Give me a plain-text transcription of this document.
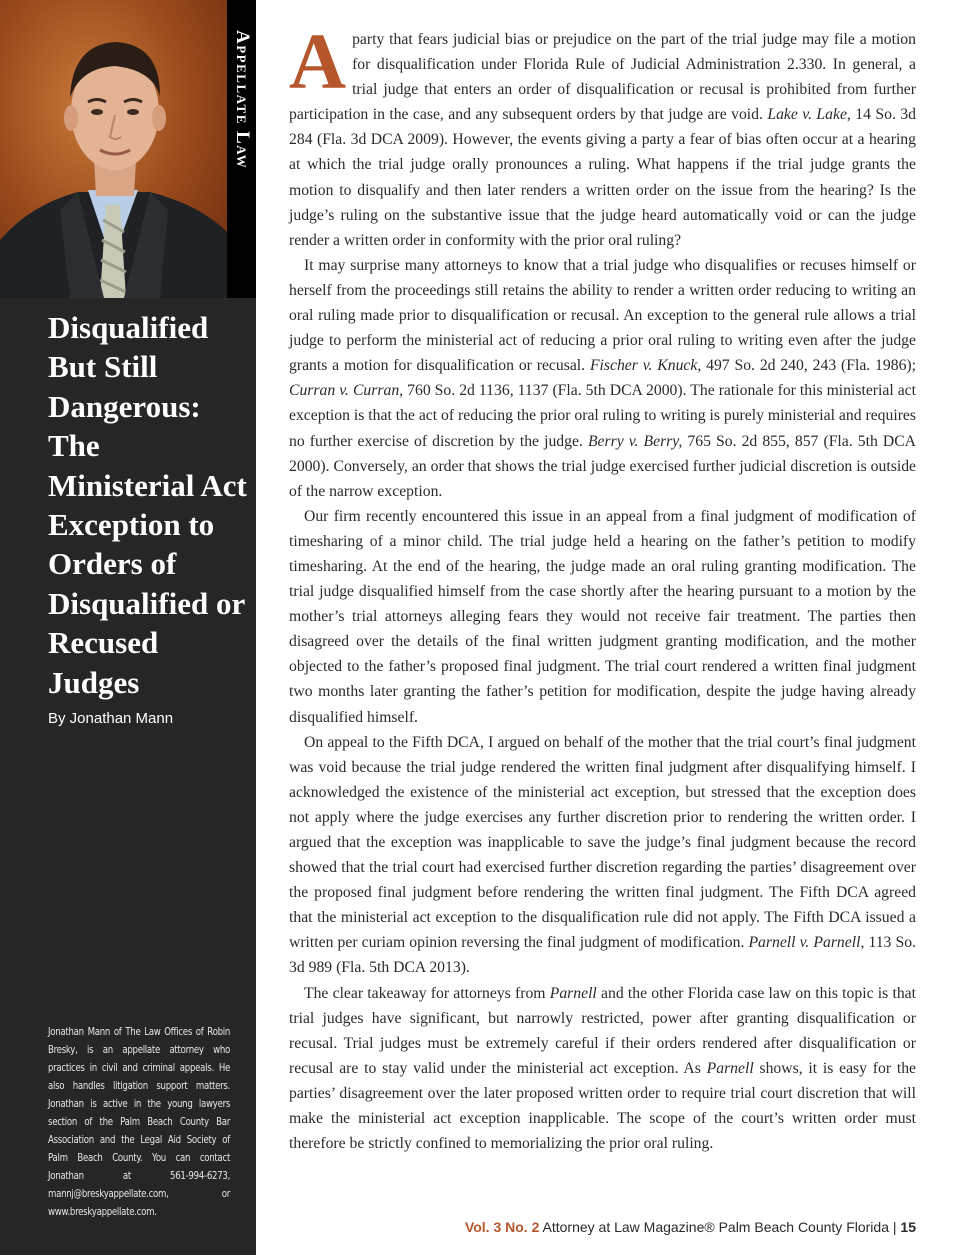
Appellate Law
Disqualified But Still Dangerous: The Ministerial Act Exception to Orders of Disqualified or Recused Judges
By Jonathan Mann
Jonathan Mann of The Law Offices of Robin Bresky, is an appellate attorney who practices in civil and criminal appeals. He also handles litigation support matters. Jonathan is active in the young lawyers section of the Palm Beach County Bar Association and the Legal Aid Society of Palm Beach County. You can contact Jonathan at 561-994-6273, mannj@breskyappellate.com, or www.breskyappellate.com.

Aparty that fears judicial bias or prejudice on the part of the trial judge may file a motion for disqualification under Florida Rule of Judicial Administration 2.330. In general, a trial judge that enters an order of disqualification or recusal is prohibited from further participation in the case, and any subsequent orders by that judge are void. Lake v. Lake, 14 So. 3d 284 (Fla. 3d DCA 2009). However, the events giving a party a fear of bias often occur at a hearing at which the trial judge orally pronounces a ruling. What happens if the trial judge grants the motion to disqualify and then later renders a written order on the issue from the hearing? Is the judge’s ruling on the substantive issue that the judge heard automatically void or can the judge render a written order in conformity with the prior oral ruling?

It may surprise many attorneys to know that a trial judge who disqualifies or recuses himself or herself from the proceedings still retains the ability to render a written order reducing to writing an oral ruling made prior to disqualification or recusal. An exception to the general rule allows a trial judge to perform the ministerial act of reducing a prior oral ruling to writing even after the judge grants a motion for disqualification or recusal. Fischer v. Knuck, 497 So. 2d 240, 243 (Fla. 1986); Curran v. Curran, 760 So. 2d 1136, 1137 (Fla. 5th DCA 2000). The rationale for this ministerial act exception is that the act of reducing the prior oral ruling to writing is purely ministerial and requires no further exercise of discretion by the judge. Berry v. Berry, 765 So. 2d 855, 857 (Fla. 5th DCA 2000). Conversely, an order that shows the trial judge exercised further judicial discretion is outside of the narrow exception.

Our firm recently encountered this issue in an appeal from a final judgment of modification of timesharing of a minor child. The trial judge held a hearing on the father’s petition to modify timesharing. At the end of the hearing, the judge made an oral ruling granting modification. The trial judge disqualified himself from the case shortly after the hearing pursuant to a motion by the mother’s trial attorneys alleging fears they would not receive fair treatment. The parties then disagreed over the details of the final written judgment granting modification, and the mother objected to the father’s proposed final judgment. The trial court rendered a written final judgment two months later granting the father’s petition for modification, despite the judge having already disqualified himself.

On appeal to the Fifth DCA, I argued on behalf of the mother that the trial court’s final judgment was void because the trial judge rendered the written final judgment after disqualifying himself. I acknowledged the existence of the ministerial act exception, but stressed that the exception does not apply where the judge exercises any further discretion prior to rendering the written order. I argued that the exception was inapplicable to save the judge’s final judgment because the record showed that the trial court had exercised further discretion regarding the parties’ disagreement over the proposed final judgment before rendering the written final judgment. The Fifth DCA agreed that the ministerial act exception to the disqualification rule did not apply. The Fifth DCA issued a written per curiam opinion reversing the final judgment of modification. Parnell v. Parnell, 113 So. 3d 989 (Fla. 5th DCA 2013).

The clear takeaway for attorneys from Parnell and the other Florida case law on this topic is that trial judges have significant, but narrowly restricted, power after granting disqualification or recusal. Trial judges must be extremely careful if their orders rendered after disqualification or recusal are to stay valid under the ministerial act exception. As Parnell shows, it is easy for the parties’ disagreement over the later proposed written order to require trial court discretion that will make the ministerial act exception inapplicable. The scope of the court’s written order must therefore be strictly confined to memorializing the prior oral ruling.

Vol. 3 No. 2 Attorney at Law Magazine® Palm Beach County Florida | 15
